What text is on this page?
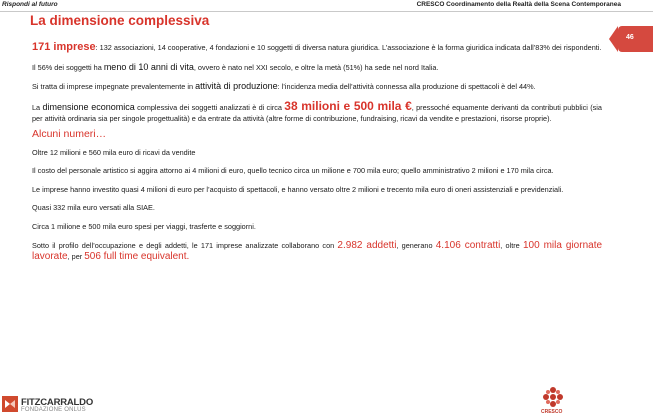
Rispondi al futuro	CRESCO Coordinamento della Realtà della Scena Contemporanea
La dimensione complessiva
46

171 imprese: 132 associazioni, 14 cooperative, 4 fondazioni e 10 soggetti di diversa natura giuridica. L’associazione è la forma giuridica indicata dall’83% dei rispondenti.

Il 56% dei soggetti ha meno di 10 anni di vita, ovvero è nato nel XXI secolo, e oltre la metà (51%) ha sede nel nord Italia.

Si tratta di imprese impegnate prevalentemente in attività di produzione: l’incidenza media dell’attività connessa alla produzione di spettacoli è del 44%.

La dimensione economica complessiva dei soggetti analizzati è di circa 38 milioni e 500 mila €, pressoché equamente derivanti da contributi pubblici (sia per attività ordinaria sia per singole progettualità) e da entrate da attività (altre forme di contribuzione, fundraising, ricavi da vendite e prestazioni, risorse proprie).

Alcuni numeri…

Oltre 12 milioni e 560 mila euro di ricavi da vendite

Il costo del personale artistico si aggira attorno ai 4 milioni di euro, quello tecnico circa un milione e 700 mila euro; quello amministrativo 2 milioni e 170 mila circa.

Le imprese hanno investito quasi 4 milioni di euro per l’acquisto di spettacoli, e hanno versato oltre 2 milioni e trecento mila euro di oneri assistenziali e previdenziali.

Quasi 332 mila euro versati alla SIAE.

Circa 1 milione e 500 mila euro spesi per viaggi, trasferte e soggiorni.

Sotto il profilo dell’occupazione e degli addetti, le 171 imprese analizzate collaborano con 2.982 addetti, generano 4.106 contratti, oltre 100 mila giornate lavorate, per 506 full time equivalent.

FITZCARRALDO
FONDAZIONE ONLUS	CRESCO
